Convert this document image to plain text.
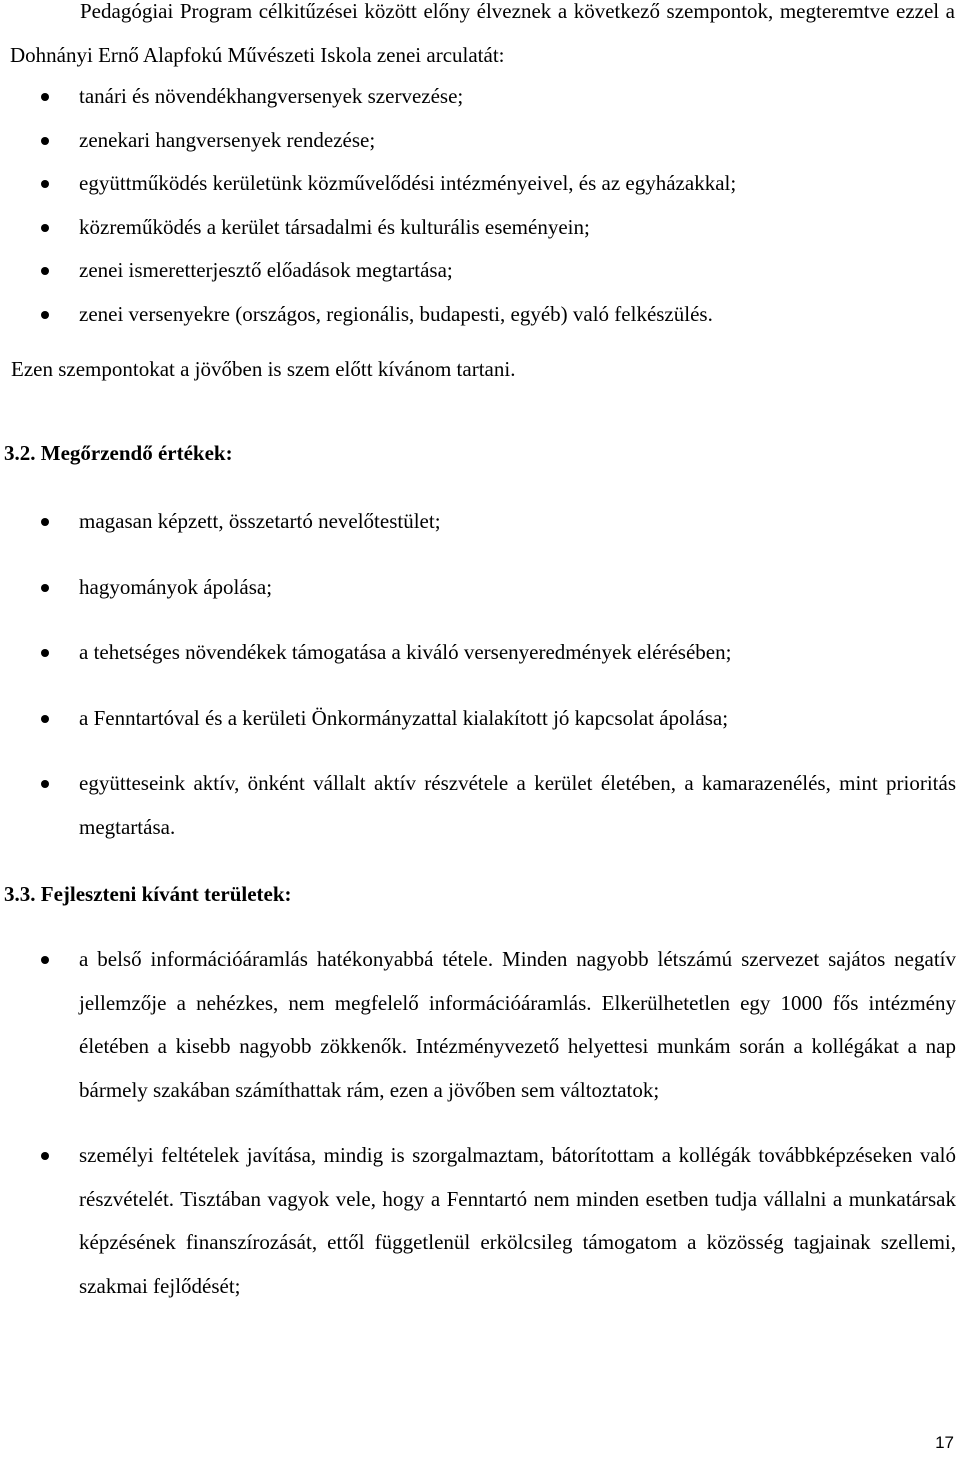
Pedagógiai Program célkitűzései között előny élveznek a következő szempontok, megteremtve ezzel a Dohnányi Ernő Alapfokú Művészeti Iskola zenei arculatát:

tanári és növendékhangversenyek szervezése;
zenekari hangversenyek rendezése;
együttműködés kerületünk közművelődési intézményeivel, és az egyházakkal;
közreműködés a kerület társadalmi és kulturális eseményein;
zenei ismeretterjesztő előadások megtartása;
zenei versenyekre (országos, regionális, budapesti, egyéb) való felkészülés.

Ezen szempontokat a jövőben is szem előtt kívánom tartani.

3.2. Megőrzendő értékek:
magasan képzett, összetartó nevelőtestület;
hagyományok ápolása;
a tehetséges növendékek támogatása a kiváló versenyeredmények elérésében;
a Fenntartóval és a kerületi Önkormányzattal kialakított jó kapcsolat ápolása;
együtteseink aktív, önként vállalt aktív részvétele a kerület életében, a kamarazenélés, mint prioritás megtartása.
3.3. Fejleszteni kívánt területek:
a belső információáramlás hatékonyabbá tétele. Minden nagyobb létszámú szervezet sajátos negatív jellemzője a nehézkes, nem megfelelő információáramlás. Elkerülhetetlen egy 1000 fős intézmény életében a kisebb nagyobb zökkenők. Intézményvezető helyettesi munkám során a kollégákat a nap bármely szakában számíthattak rám, ezen a jövőben sem változtatok;
személyi feltételek javítása, mindig is szorgalmaztam, bátorítottam a kollégák továbbképzéseken való részvételét. Tisztában vagyok vele, hogy a Fenntartó nem minden esetben tudja vállalni a munkatársak képzésének finanszírozását, ettől függetlenül erkölcsileg támogatom a közösség tagjainak szellemi, szakmai fejlődését;
17
